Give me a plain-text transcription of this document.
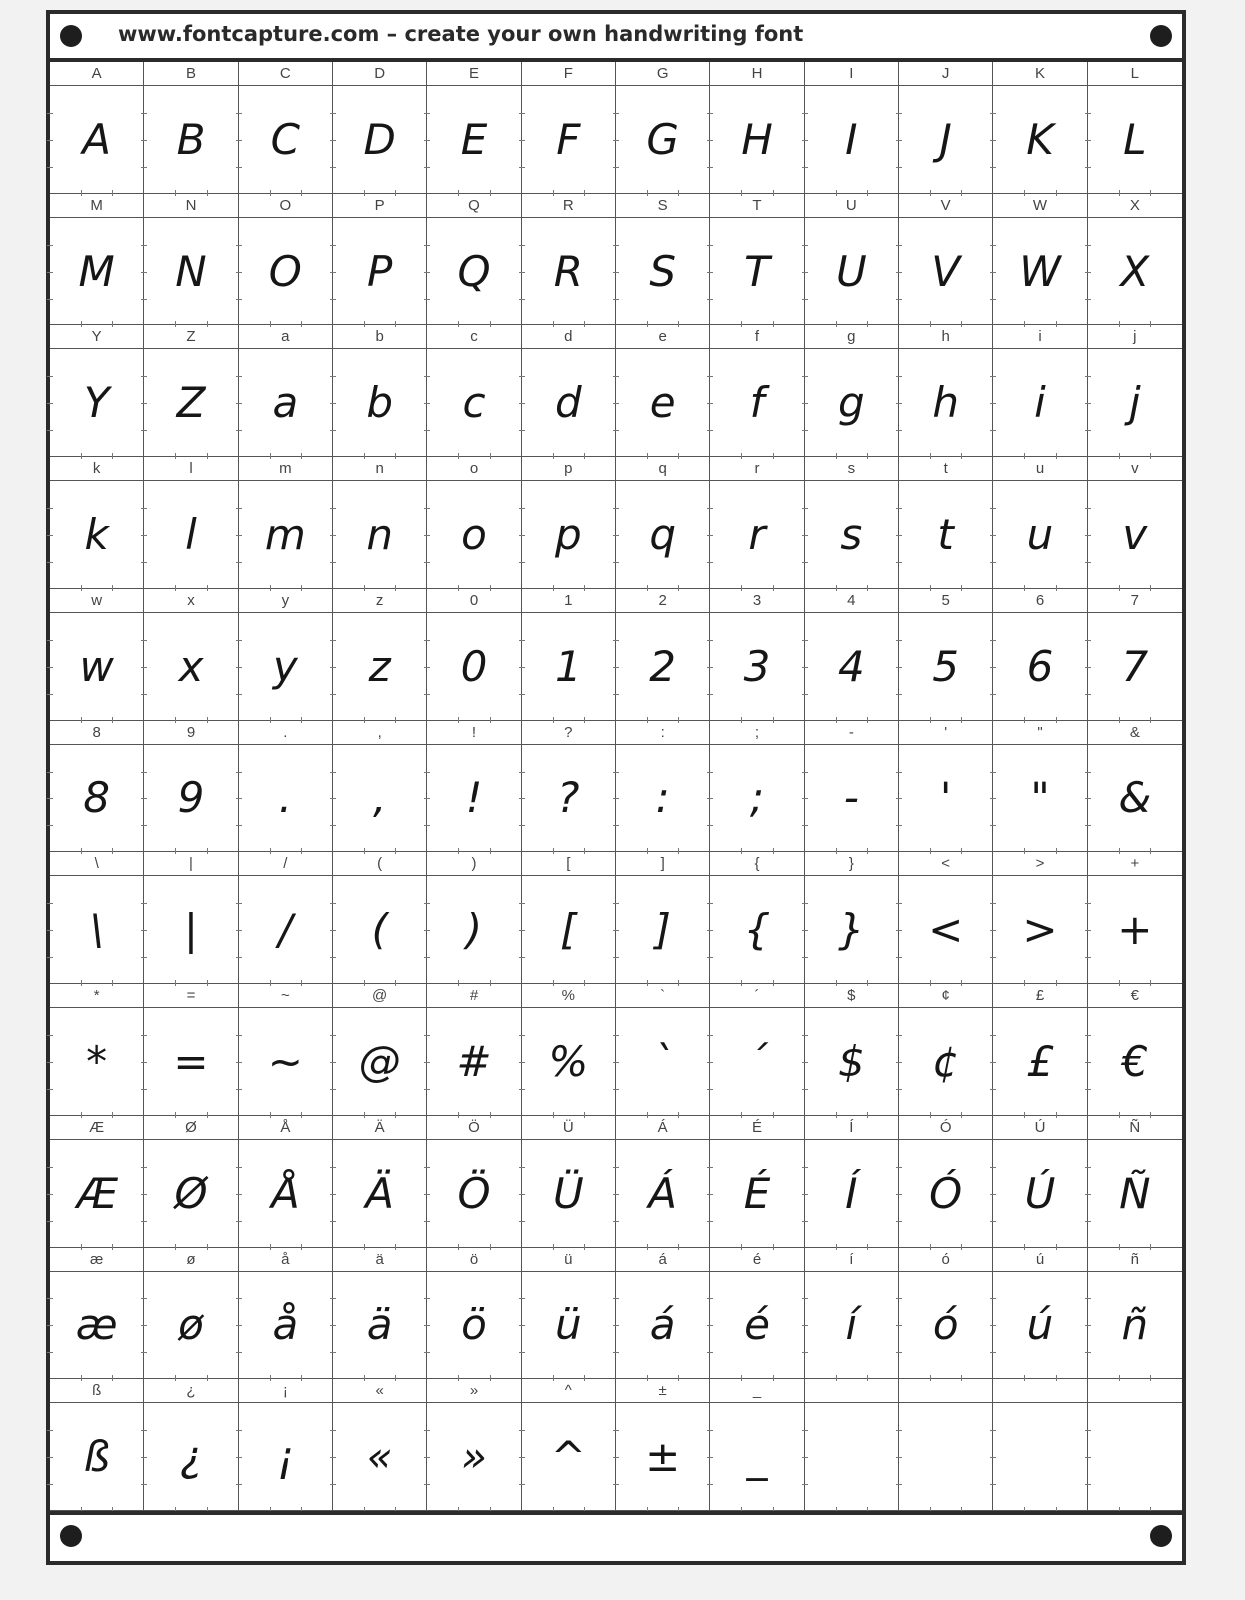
www.fontcapture.com – create your own handwriting font
A
A
B
B
C
C
D
D
E
E
F
F
G
G
H
H
I
I
J
J
K
K
L
L
M
M
N
N
O
O
P
P
Q
Q
R
R
S
S
T
T
U
U
V
V
W
W
X
X
Y
Y
Z
Z
a
a
b
b
c
c
d
d
e
e
f
f
g
g
h
h
i
i
j
j
k
k
l
l
m
m
n
n
o
o
p
p
q
q
r
r
s
s
t
t
u
u
v
v
w
w
x
x
y
y
z
z
0
0
1
1
2
2
3
3
4
4
5
5
6
6
7
7
8
8
9
9
.
.
,
,
!
!
?
?
:
:
;
;
-
-
'
'
"
"
&
&
\
\
|
|
/
/
(
(
)
)
[
[
]
]
{
{
}
}
<
<
>
>
+
+
*
*
=
=
~
~
@
@
#
#
%
%
`
`
´
´
$
$
¢
¢
£
£
€
€
Æ
Æ
Ø
Ø
Å
Å
Ä
Ä
Ö
Ö
Ü
Ü
Á
Á
É
É
Í
Í
Ó
Ó
Ú
Ú
Ñ
Ñ
æ
æ
ø
ø
å
å
ä
ä
ö
ö
ü
ü
á
á
é
é
í
í
ó
ó
ú
ú
ñ
ñ
ß
ß
¿
¿
¡
¡
«
«
»
»
^
^
±
±
_
_
